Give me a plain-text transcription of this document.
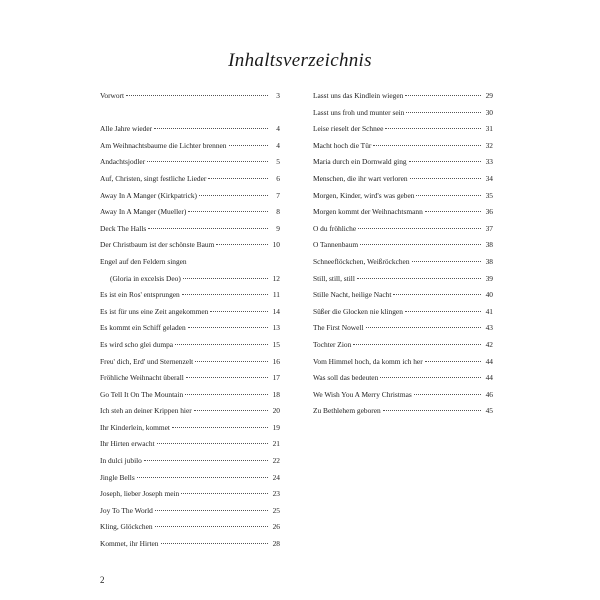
Inhaltsverzeichnis
Vorwort	3
Alle Jahre wieder	4
Am Weihnachtsbaume die Lichter brennen	4
Andachtsjodler	5
Auf, Christen, singt festliche Lieder	6
Away In A Manger (Kirkpatrick)	7
Away In A Manger (Mueller)	8
Deck The Halls	9
Der Christbaum ist der schönste Baum	10
Engel auf den Feldern singen
(Gloria in excelsis Deo)	12
Es ist ein Ros' entsprungen	11
Es ist für uns eine Zeit angekommen	14
Es kommt ein Schiff geladen	13
Es wird scho glei dumpa	15
Freu' dich, Erd' und Sternenzelt	16
Fröhliche Weihnacht überall	17
Go Tell It On The Mountain	18
Ich steh an deiner Krippen hier	20
Ihr Kinderlein, kommet	19
Ihr Hirten erwacht	21
In dulci jubilo	22
Jingle Bells	24
Joseph, lieber Joseph mein	23
Joy To The World	25
Kling, Glöckchen	26
Kommet, ihr Hirten	28
Lasst uns das Kindlein wiegen	29
Lasst uns froh und munter sein	30
Leise rieselt der Schnee	31
Macht hoch die Tür	32
Maria durch ein Dornwald ging	33
Menschen, die ihr wart verloren	34
Morgen, Kinder, wird's was geben	35
Morgen kommt der Weihnachtsmann	36
O du fröhliche	37
O Tannenbaum	38
Schneeflöckchen, Weißröckchen	38
Still, still, still	39
Stille Nacht, heilige Nacht	40
Süßer die Glocken nie klingen	41
The First Nowell	43
Tochter Zion	42
Vom Himmel hoch, da komm ich her	44
Was soll das bedeuten	44
We Wish You A Merry Christmas	46
Zu Bethlehem geboren	45
2
